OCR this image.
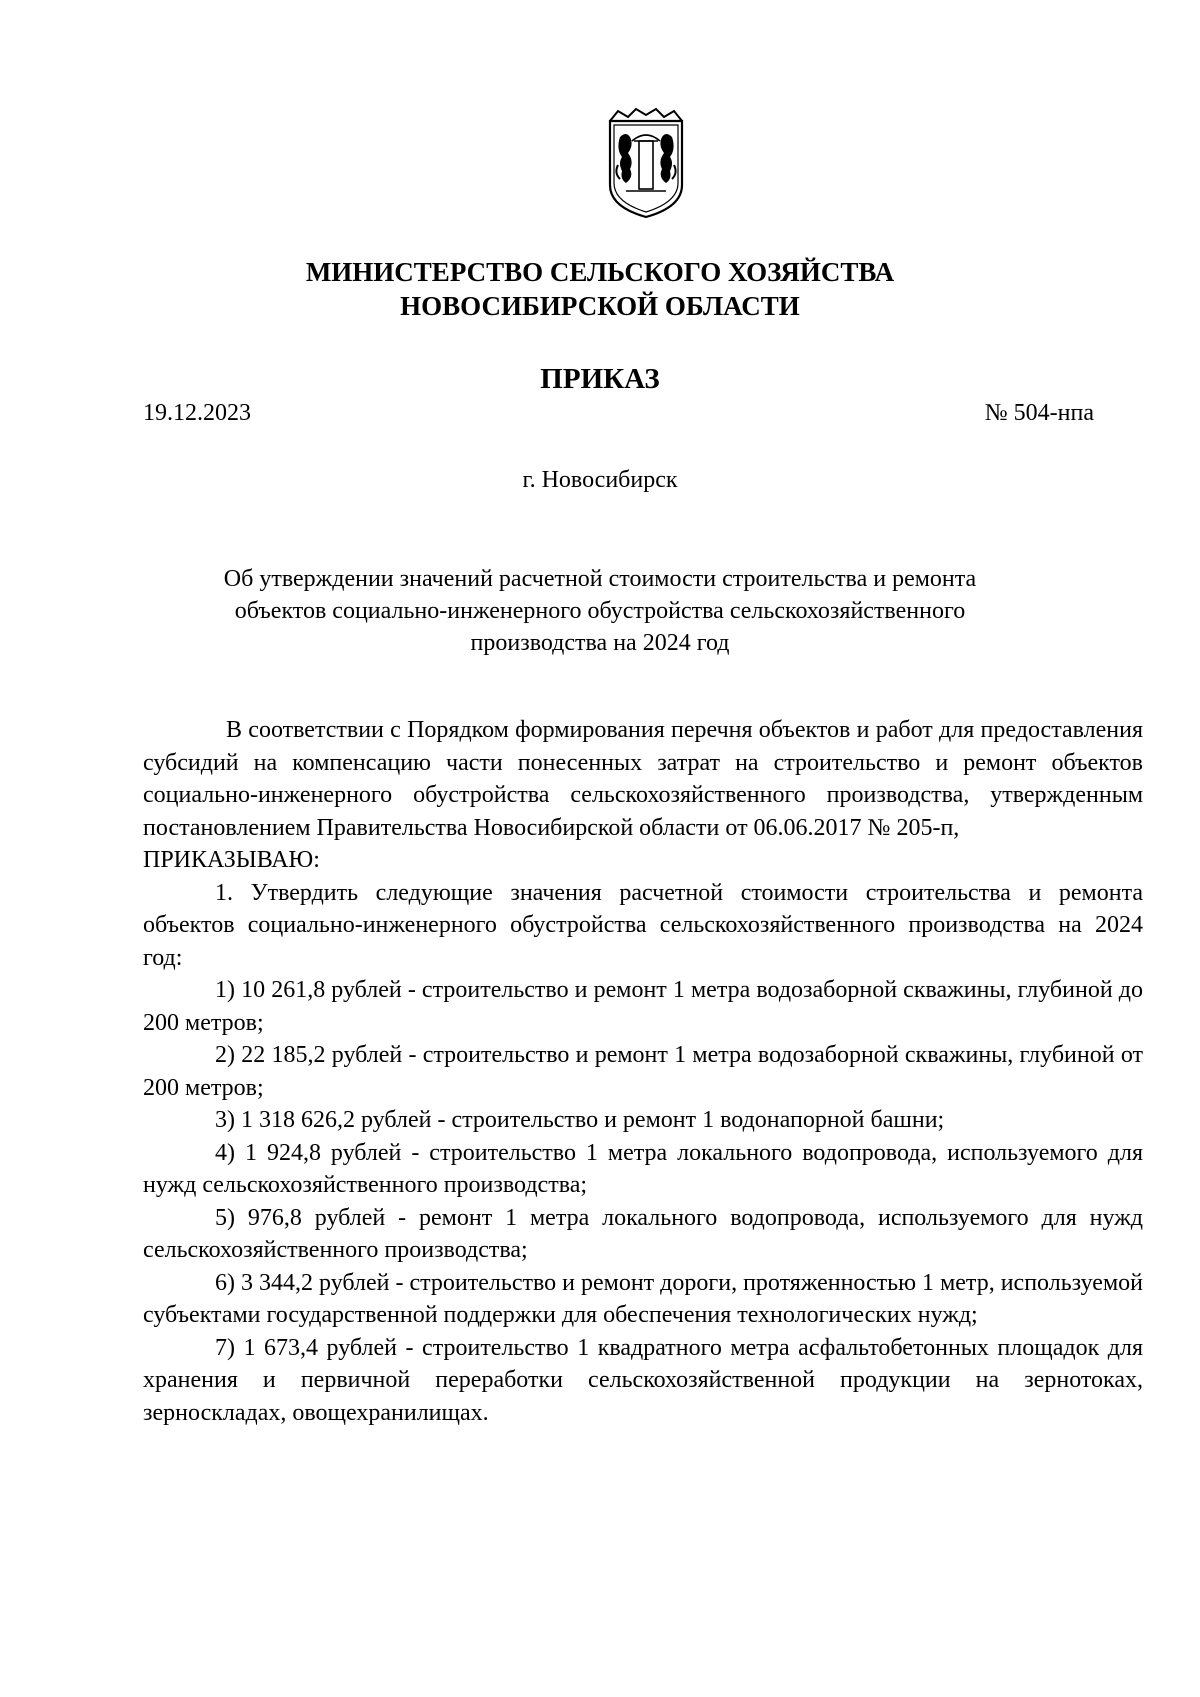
МИНИСТЕРСТВО СЕЛЬСКОГО ХОЗЯЙСТВА
НОВОСИБИРСКОЙ ОБЛАСТИ
ПРИКАЗ
19.12.2023	№ 504-нпа
г. Новосибирск
Об утверждении значений расчетной стоимости строительства и ремонта
объектов социально-инженерного обустройства сельскохозяйственного
производства на 2024 год

В соответствии с Порядком формирования перечня объектов и работ для предоставления субсидий на компенсацию части понесенных затрат на строительство и ремонт объектов социально-инженерного обустройства сельскохозяйственного производства, утвержденным постановлением Правительства Новосибирской области от 06.06.2017 № 205-п,

ПРИКАЗЫВАЮ:

1. Утвердить следующие значения расчетной стоимости строительства и ремонта объектов социально-инженерного обустройства сельскохозяйственного производства на 2024 год:

1) 10 261,8 рублей - строительство и ремонт 1 метра водозаборной скважины, глубиной до 200 метров;

2) 22 185,2 рублей - строительство и ремонт 1 метра водозаборной скважины, глубиной от 200 метров;

3) 1 318 626,2 рублей - строительство и ремонт 1 водонапорной башни;

4) 1 924,8 рублей - строительство 1 метра локального водопровода, используемого для нужд сельскохозяйственного производства;

5) 976,8 рублей - ремонт 1 метра локального водопровода, используемого для нужд сельскохозяйственного производства;

6) 3 344,2 рублей - строительство и ремонт дороги, протяженностью 1 метр, используемой субъектами государственной поддержки для обеспечения технологических нужд;

7) 1 673,4 рублей - строительство 1 квадратного метра асфальтобетонных площадок для хранения и первичной переработки сельскохозяйственной продукции на зернотоках, зерноскладах, овощехранилищах.
